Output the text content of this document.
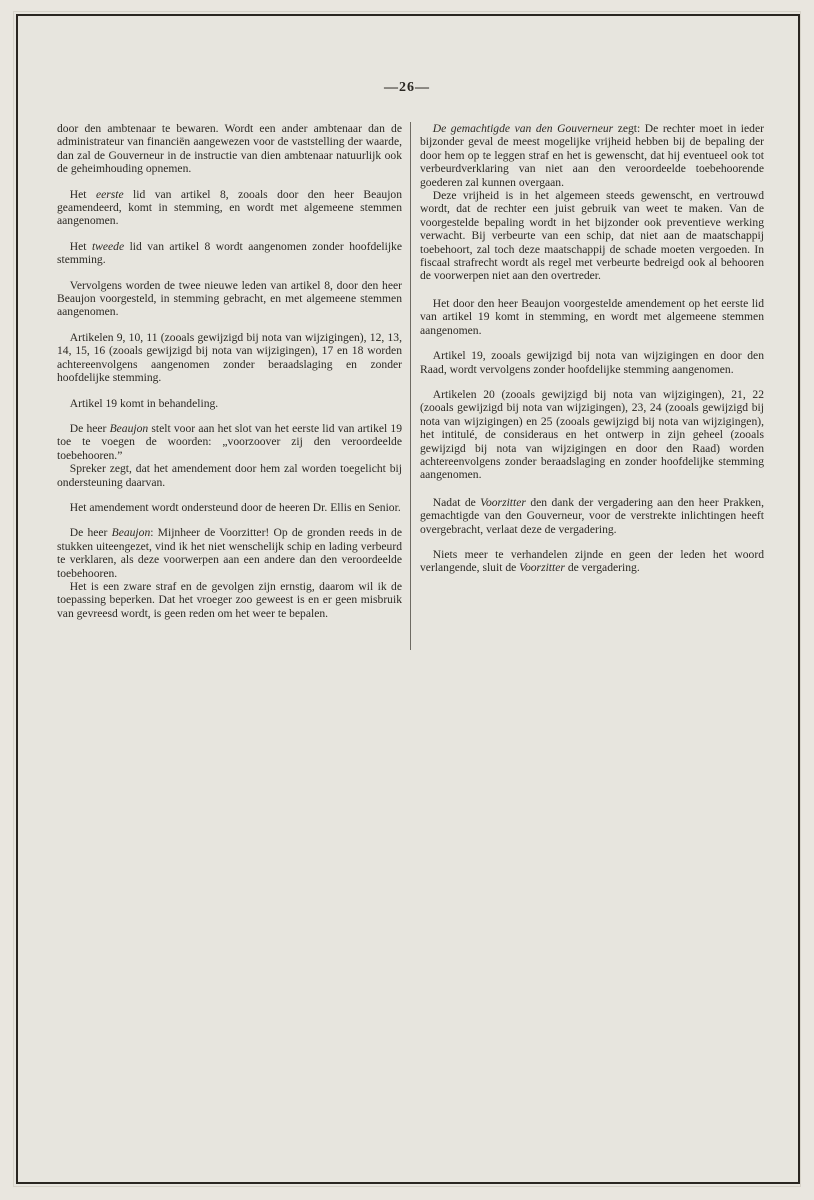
—26—

door den ambtenaar te bewaren. Wordt een ander ambtenaar dan de administrateur van financiën aangewezen voor de vaststelling der waarde, dan zal de Gouverneur in de instructie van dien ambtenaar natuurlijk ook de geheimhouding opnemen.

Het eerste lid van artikel 8, zooals door den heer Beaujon geamendeerd, komt in stemming, en wordt met algemeene stemmen aangenomen.

Het tweede lid van artikel 8 wordt aangenomen zonder hoofdelijke stemming.

Vervolgens worden de twee nieuwe leden van artikel 8, door den heer Beaujon voorgesteld, in stemming gebracht, en met algemeene stemmen aangenomen.

Artikelen 9, 10, 11 (zooals gewijzigd bij nota van wijzigingen), 12, 13, 14, 15, 16 (zooals gewijzigd bij nota van wijzigingen), 17 en 18 worden achtereenvolgens aangenomen zonder beraadslaging en zonder hoofdelijke stemming.

Artikel 19 komt in behandeling.

De heer Beaujon stelt voor aan het slot van het eerste lid van artikel 19 toe te voegen de woorden: „voorzoover zij den veroordeelde toebehooren.”

Spreker zegt, dat het amendement door hem zal worden toegelicht bij ondersteuning daarvan.

Het amendement wordt ondersteund door de heeren Dr. Ellis en Senior.

De heer Beaujon: Mijnheer de Voorzitter! Op de gronden reeds in de stukken uiteengezet, vind ik het niet wenschelijk schip en lading verbeurd te verklaren, als deze voorwerpen aan een andere dan den veroordeelde toebehooren.

Het is een zware straf en de gevolgen zijn ernstig, daarom wil ik de toepassing beperken. Dat het vroeger zoo geweest is en er geen misbruik van gevreesd wordt, is geen reden om het weer te bepalen.

De gemachtigde van den Gouverneur zegt: De rechter moet in ieder bijzonder geval de meest mogelijke vrijheid hebben bij de bepaling der door hem op te leggen straf en het is gewenscht, dat hij eventueel ook tot verbeurdverklaring van niet aan den veroordeelde toebehoorende goederen zal kunnen overgaan.

Deze vrijheid is in het algemeen steeds gewenscht, en vertrouwd wordt, dat de rechter een juist gebruik van weet te maken. Van de voorgestelde bepaling wordt in het bijzonder ook preventieve werking verwacht. Bij verbeurte van een schip, dat niet aan de maatschappij toebehoort, zal toch deze maatschappij de schade moeten vergoeden. In fiscaal strafrecht wordt als regel met verbeurte bedreigd ook al behooren de voorwerpen niet aan den overtreder.

Het door den heer Beaujon voorgestelde amendement op het eerste lid van artikel 19 komt in stemming, en wordt met algemeene stemmen aangenomen.

Artikel 19, zooals gewijzigd bij nota van wijzigingen en door den Raad, wordt vervolgens zonder hoofdelijke stemming aangenomen.

Artikelen 20 (zooals gewijzigd bij nota van wijzigingen), 21, 22 (zooals gewijzigd bij nota van wijzigingen), 23, 24 (zooals gewijzigd bij nota van wijzigingen) en 25 (zooals gewijzigd bij nota van wijzigingen), het intitulé, de consideraus en het ontwerp in zijn geheel (zooals gewijzigd bij nota van wijzigingen en door den Raad) worden achtereenvolgens zonder beraadslaging en zonder hoofdelijke stemming aangenomen.

Nadat de Voorzitter den dank der vergadering aan den heer Prakken, gemachtigde van den Gouverneur, voor de verstrekte inlichtingen heeft overgebracht, verlaat deze de vergadering.

Niets meer te verhandelen zijnde en geen der leden het woord verlangende, sluit de Voorzitter de vergadering.
